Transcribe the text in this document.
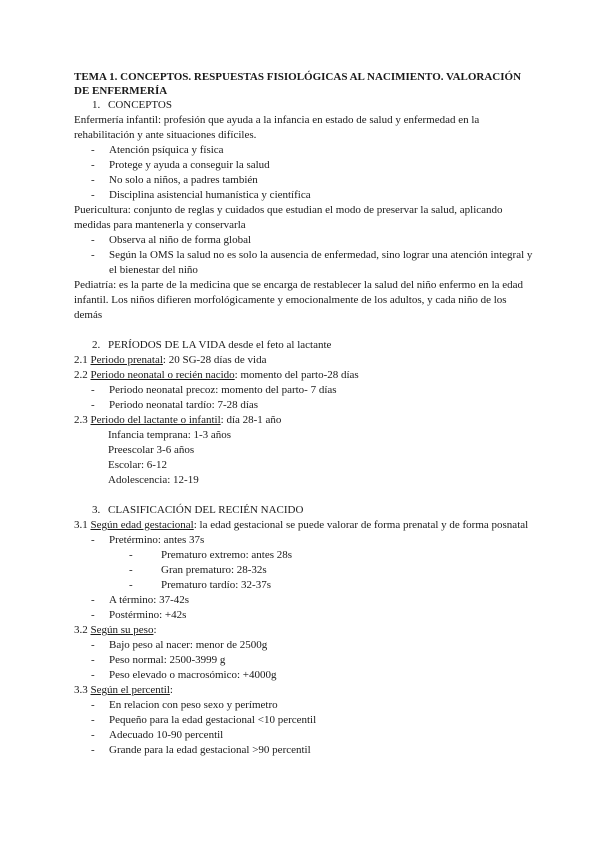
TEMA 1. CONCEPTOS. RESPUESTAS FISIOLÓGICAS AL NACIMIENTO. VALORACIÓN DE ENFERMERÍA

1. CONCEPTOS

Enfermería infantil: profesión que ayuda a la infancia en estado de salud y enfermedad en la rehabilitación y ante situaciones difíciles.

- Atención psíquica y física

- Protege y ayuda a conseguir la salud

- No solo a niños, a padres también

- Disciplina asistencial humanística y científica

Puericultura: conjunto de reglas y cuidados que estudian el modo de preservar la salud, aplicando medidas para mantenerla y conservarla

- Observa al niño de forma global

- Según la OMS la salud no es solo la ausencia de enfermedad, sino lograr una atención integral y el bienestar del niño

Pediatría: es la parte de la medicina que se encarga de restablecer la salud del niño enfermo en la edad infantil. Los niños difieren morfológicamente y emocionalmente de los adultos, y cada niño de los demás

2. PERÍODOS DE LA VIDA desde el feto al lactante

2.1 Periodo prenatal: 20 SG-28 días de vida

2.2 Periodo neonatal o recién nacido: momento del parto-28 días

- Periodo neonatal precoz: momento del parto- 7 días

- Periodo neonatal tardío: 7-28 días

2.3 Periodo del lactante o infantil: día 28-1 año

Infancia temprana: 1-3 años

Preescolar 3-6 años

Escolar: 6-12

Adolescencia: 12-19

3. CLASIFICACIÓN DEL RECIÉN NACIDO

3.1 Según edad gestacional: la edad gestacional se puede valorar de forma prenatal y de forma posnatal

- Pretérmino: antes 37s

-	Prematuro extremo: antes 28s

-	Gran prematuro: 28-32s

-	Prematuro tardío: 32-37s

- A término: 37-42s

- Postérmino: +42s

3.2 Según su peso:

- Bajo peso al nacer: menor de 2500g

- Peso normal: 2500-3999 g

- Peso elevado o macrosómico: +4000g

3.3 Según el percentil:

- En relacion con peso sexo y perímetro

- Pequeño para la edad gestacional <10 percentil

- Adecuado 10-90 percentil

- Grande para la edad gestacional >90 percentil
